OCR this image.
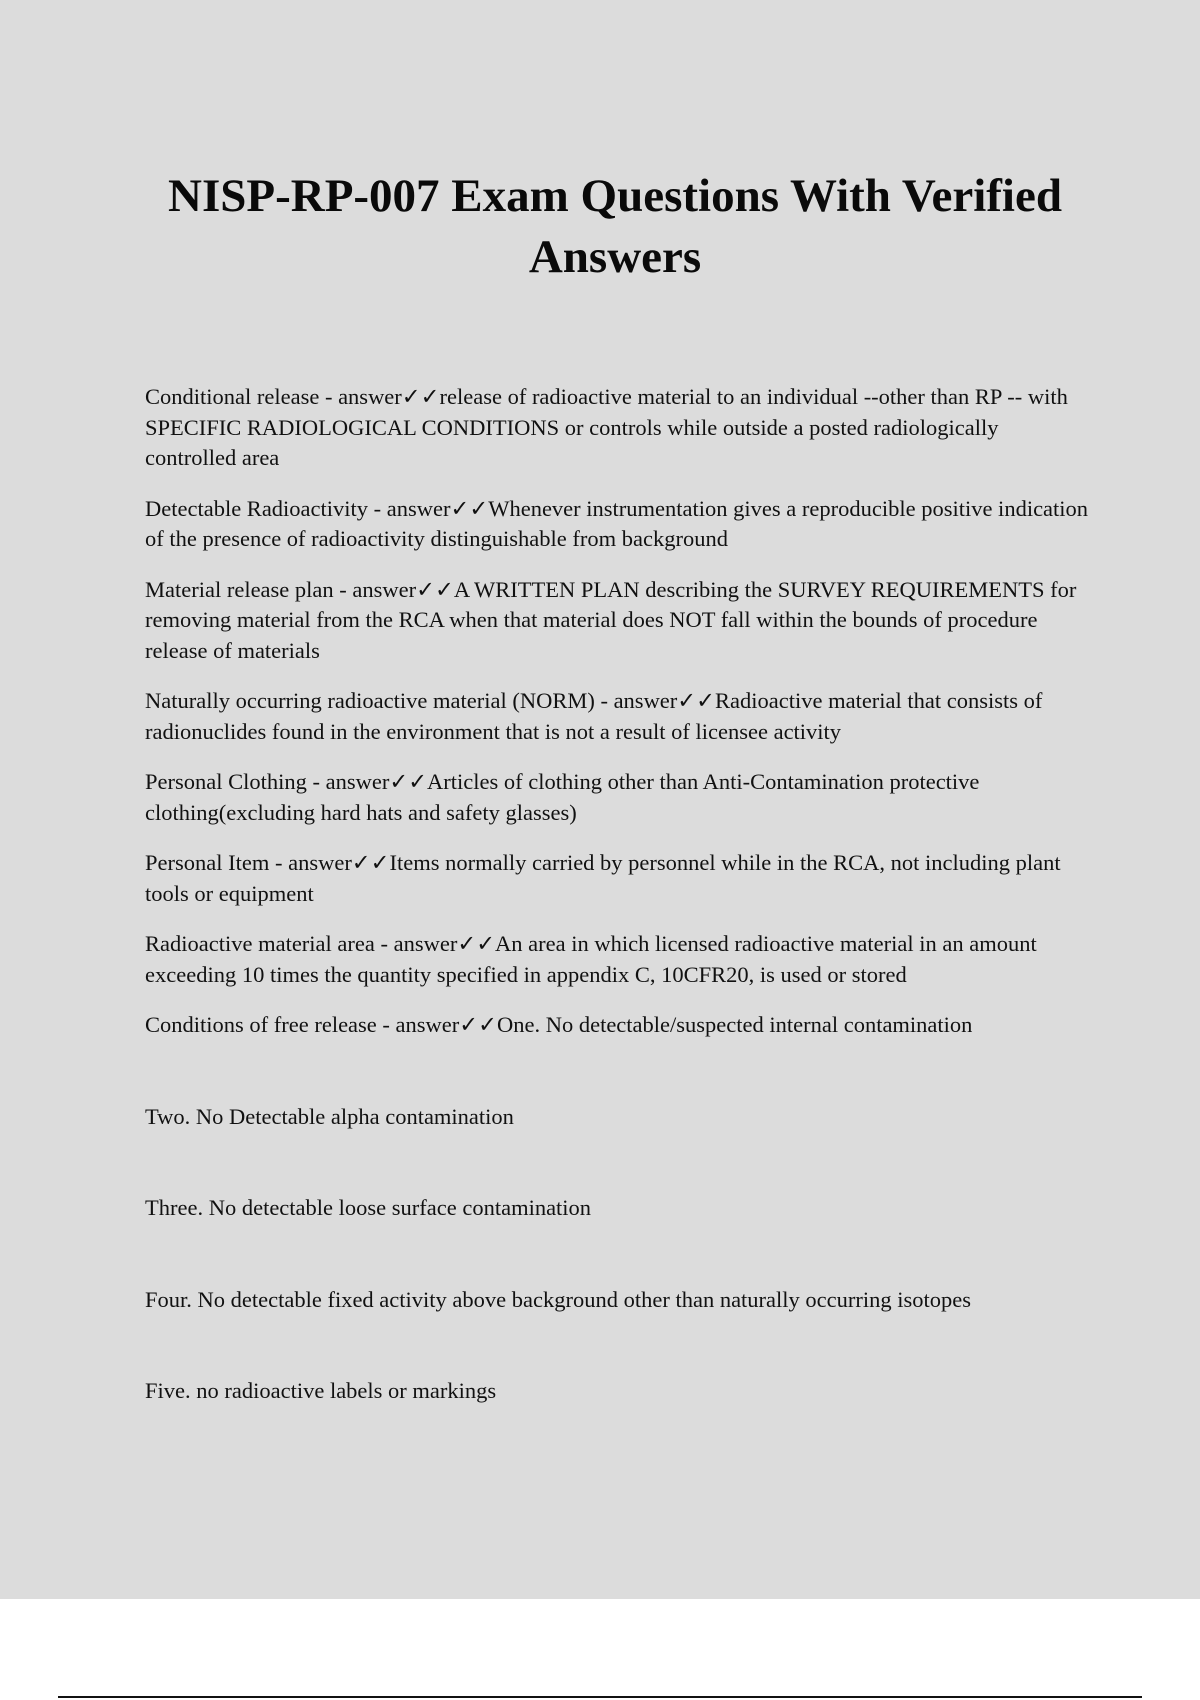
NISP-RP-007 Exam Questions With Verified Answers

Conditional release - answer✓✓release of radioactive material to an individual --other than RP -- with SPECIFIC RADIOLOGICAL CONDITIONS or controls while outside a posted radiologically controlled area

Detectable Radioactivity - answer✓✓Whenever instrumentation gives a reproducible positive indication of the presence of radioactivity distinguishable from background

Material release plan - answer✓✓A WRITTEN PLAN describing the SURVEY REQUIREMENTS for removing material from the RCA when that material does NOT fall within the bounds of procedure release of materials

Naturally occurring radioactive material (NORM) - answer✓✓Radioactive material that consists of radionuclides found in the environment that is not a result of licensee activity

Personal Clothing - answer✓✓Articles of clothing other than Anti-Contamination protective clothing(excluding hard hats and safety glasses)

Personal Item - answer✓✓Items normally carried by personnel while in the RCA, not including plant tools or equipment

Radioactive material area - answer✓✓An area in which licensed radioactive material in an amount exceeding 10 times the quantity specified in appendix C, 10CFR20, is used or stored

Conditions of free release - answer✓✓One. No detectable/suspected internal contamination

Two. No Detectable alpha contamination

Three. No detectable loose surface contamination

Four. No detectable fixed activity above background other than naturally occurring isotopes

Five. no radioactive labels or markings
